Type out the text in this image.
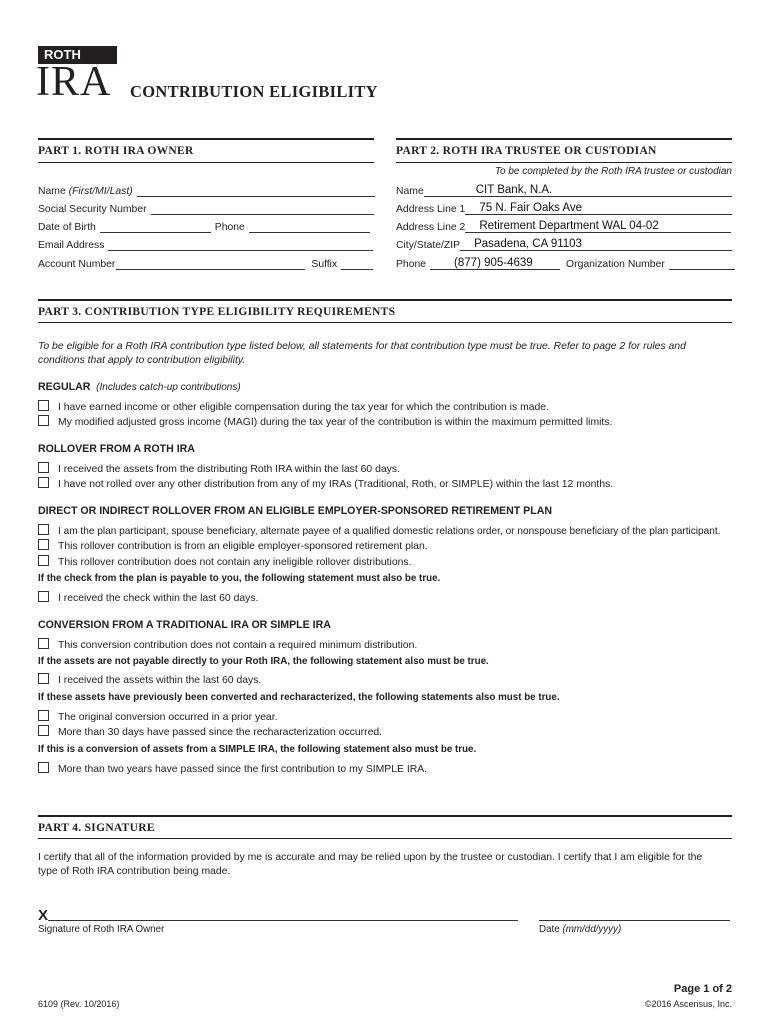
ROTH
IRA CONTRIBUTION ELIGIBILITY
PART 1. ROTH IRA OWNER
Name
(First/MI/Last)
Social Security Number
Date of Birth	Phone
Email Address
Account Number	Suffix
PART 2. ROTH IRA TRUSTEE OR CUSTODIAN
To be completed by the Roth IRA trustee or custodian
Name	CIT Bank, N.A.
Address Line 1 75 N. Fair Oaks Ave
Address Line 2 Retirement Department WAL 04-02
City/State/ZIP Pasadena, CA 91103
Phone (877) 905-4639	Organization Number
PART 3. CONTRIBUTION TYPE ELIGIBILITY REQUIREMENTS
To be eligible for a Roth IRA contribution type listed below, all statements for that contribution type must be true. Refer to page 2 for rules and
conditions that apply to contribution eligibility.
REGULAR (Includes catch-up contributions)
I have earned income or other eligible compensation during the tax year for which the contribution is made.
My modified adjusted gross income (MAGI) during the tax year of the contribution is within the maximum permitted limits.
ROLLOVER FROM A ROTH IRA
I received the assets from the distributing Roth IRA within the last 60 days.
I have not rolled over any other distribution from any of my IRAs (Traditional, Roth, or SIMPLE) within the last 12 months.
DIRECT OR INDIRECT ROLLOVER FROM AN ELIGIBLE EMPLOYER-SPONSORED RETIREMENT PLAN
I am the plan participant, spouse beneficiary, alternate payee of a qualified domestic relations order, or nonspouse beneficiary of the plan participant.
This rollover contribution is from an eligible employer-sponsored retirement plan.
This rollover contribution does not contain any ineligible rollover distributions.
If the check from the plan is payable to you, the following statement must also be true.
I received the check within the last 60 days.
CONVERSION FROM A TRADITIONAL IRA OR SIMPLE IRA
This conversion contribution does not contain a required minimum distribution.
If the assets are not payable directly to your Roth IRA, the following statement also must be true.
I received the assets within the last 60 days.
If these assets have previously been converted and recharacterized, the following statements also must be true.
The original conversion occurred in a prior year.
More than 30 days have passed since the recharacterization occurred.
If this is a conversion of assets from a SIMPLE IRA, the following statement also must be true.
More than two years have passed since the first contribution to my SIMPLE IRA.
PART 4. SIGNATURE
I certify that all of the information provided by me is accurate and may be relied upon by the trustee or custodian. I certify that I am eligible for the
type of Roth IRA contribution being made.
X
Signature of Roth IRA Owner	Date (mm/dd/yyyy)
Page 1 of 2
6109 (Rev. 10/2016)	©2016 Ascensus, Inc.
